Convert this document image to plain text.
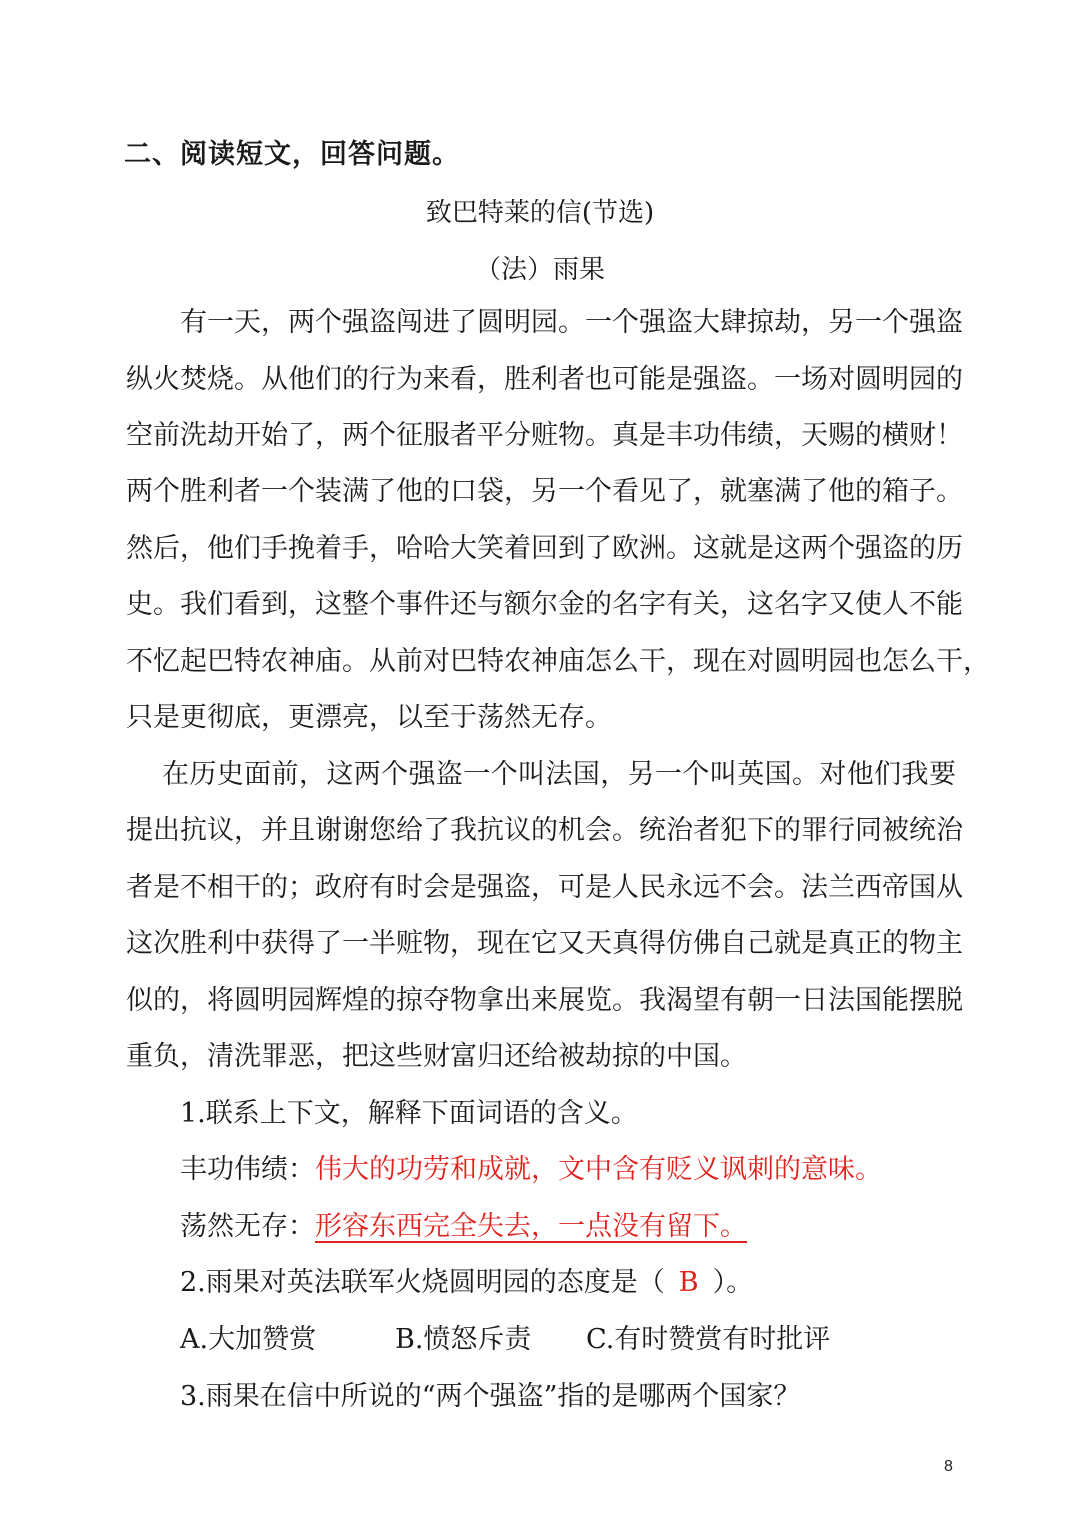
二、阅读短文，回答问题。
致巴特莱的信(节选)
（法）雨果
有 一 天 ， 两 个 强 盗 闯 进 了 圆 明 园 。 一 个 强 盗 大 肆 掠 劫 ， 另 一 个 强 盗
纵 火 焚 烧 。 从 他 们 的 行 为 来 看 ， 胜 利 者 也 可 能 是 强 盗 。 一 场 对 圆 明 园 的
空 前 洗 劫 开 始 了 ， 两 个 征 服 者 平 分 赃 物 。 真 是 丰 功 伟 绩 ， 天 赐 的 横 财 ！
两 个 胜 利 者 一 个 装 满 了 他 的 口 袋 ， 另 一 个 看 见 了 ， 就 塞 满 了 他 的 箱 子 。
然 后 ， 他 们 手 挽 着 手 ， 哈 哈 大 笑 着 回 到 了 欧 洲 。 这 就 是 这 两 个 强 盗 的 历
史 。 我 们 看 到 ， 这 整 个 事 件 还 与 额 尔 金 的 名 字 有 关 ， 这 名 字 又 使 人 不 能
不 忆 起 巴 特 农 神 庙 。 从 前 对 巴 特 农 神 庙 怎 么 干 ， 现 在 对 圆 明 园 也 怎 么 干 ，
只是更彻底，更漂亮，以至于荡然无存。
在 历 史 面 前 ， 这 两 个 强 盗 一 个 叫 法 国 ， 另 一 个 叫 英 国 。 对 他 们 我 要
提 出 抗 议 ， 并 且 谢 谢 您 给 了 我 抗 议 的 机 会 。 统 治 者 犯 下 的 罪 行 同 被 统 治
者 是 不 相 干 的 ； 政 府 有 时 会 是 强 盗 ， 可 是 人 民 永 远 不 会 。 法 兰 西 帝 国 从
这 次 胜 利 中 获 得 了 一 半 赃 物 ， 现 在 它 又 天 真 得 仿 佛 自 己 就 是 真 正 的 物 主
似 的 ， 将 圆 明 园 辉 煌 的 掠 夺 物 拿 出 来 展 览 。 我 渴 望 有 朝 一 日 法 国 能 摆 脱
重负，清洗罪恶，把这些财富归还给被劫掠的中国。
1.联系上下文，解释下面词语的含义。
丰功伟绩：伟大的功劳和成就，文中含有贬义讽刺的意味。
荡然无存：形容东西完全失去，一点没有留下。
2.雨果对英法联军火烧圆明园的态度是（ B ）。
A.大加赞赏	B.愤怒斥责 C.有时赞赏有时批评
3.雨果在信中所说的“两个强盗”指的是哪两个国家？
8
